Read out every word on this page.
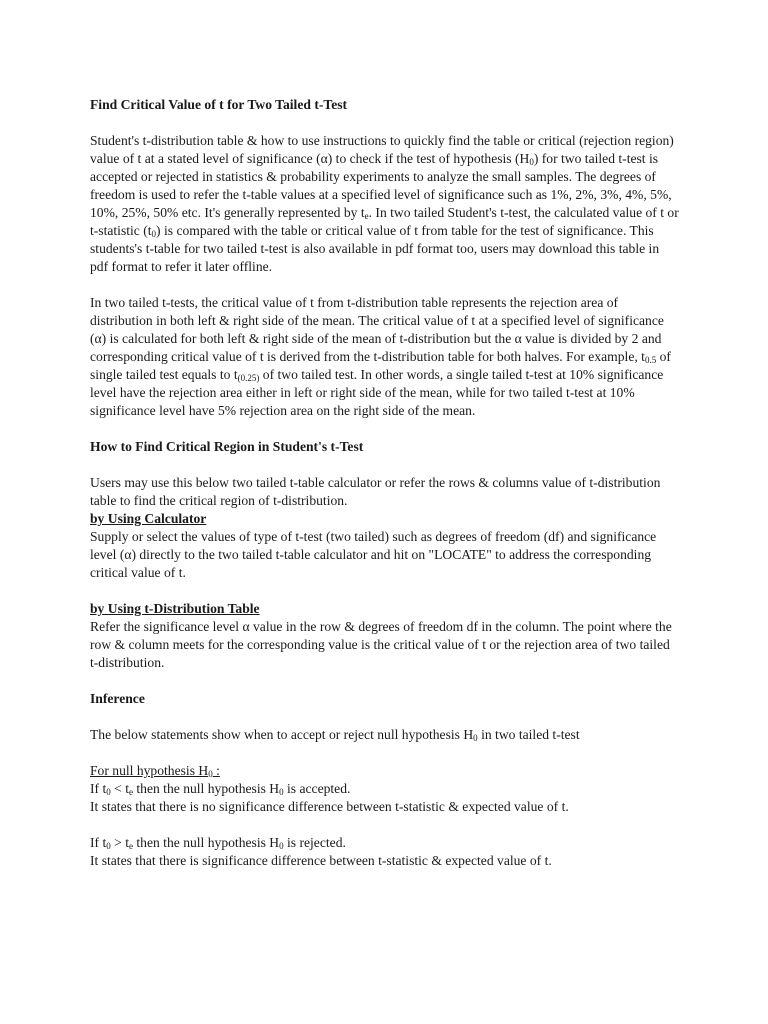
Find Critical Value of t for Two Tailed t-Test

Student's t-distribution table & how to use instructions to quickly find the table or critical (rejection region) value of t at a stated level of significance (α) to check if the test of hypothesis $(H_0)$ for two tailed t-test is accepted or rejected in statistics & probability experiments to analyze the small samples. The degrees of freedom is used to refer the t-table values at a specified level of significance such as 1%, 2%, 3%, 4%, 5%, 10%, 25%, 50% etc. It's generally represented by $t_e$. In two tailed Student's t-test, the calculated value of t or t-statistic $(t_0)$ is compared with the table or critical value of t from table for the test of significance. This students's t-table for two tailed t-test is also available in pdf format too, users may download this table in pdf format to refer it later offline.

In two tailed t-tests, the critical value of t from t-distribution table represents the rejection area of distribution in both left & right side of the mean. The critical value of t at a specified level of significance (α) is calculated for both left & right side of the mean of t-distribution but the α value is divided by 2 and corresponding critical value of t is derived from the t-distribution table for both halves. For example, $t_{0.5}$ of single tailed test equals to $t_{(0.25)}$ of two tailed test. In other words, a single tailed t-test at 10% significance level have the rejection area either in left or right side of the mean, while for two tailed t-test at 10% significance level have 5% rejection area on the right side of the mean.

How to Find Critical Region in Student's t-Test

Users may use this below two tailed t-table calculator or refer the rows & columns value of t-distribution table to find the critical region of t-distribution.

by Using Calculator

Supply or select the values of type of t-test (two tailed) such as degrees of freedom (df) and significance level (α) directly to the two tailed t-table calculator and hit on "LOCATE" to address the corresponding critical value of t.

by Using t-Distribution Table

Refer the significance level α value in the row & degrees of freedom df in the column. The point where the row & column meets for the corresponding value is the critical value of t or the rejection area of two tailed t-distribution.

Inference

The below statements show when to accept or reject null hypothesis $H_0$ in two tailed t-test

For null hypothesis $H_0$ :

If $t_0 < t_e$ then the null hypothesis $H_0$ is accepted.

It states that there is no significance difference between t-statistic & expected value of t.

If $t_0 > t_e$ then the null hypothesis $H_0$ is rejected.

It states that there is significance difference between t-statistic & expected value of t.
